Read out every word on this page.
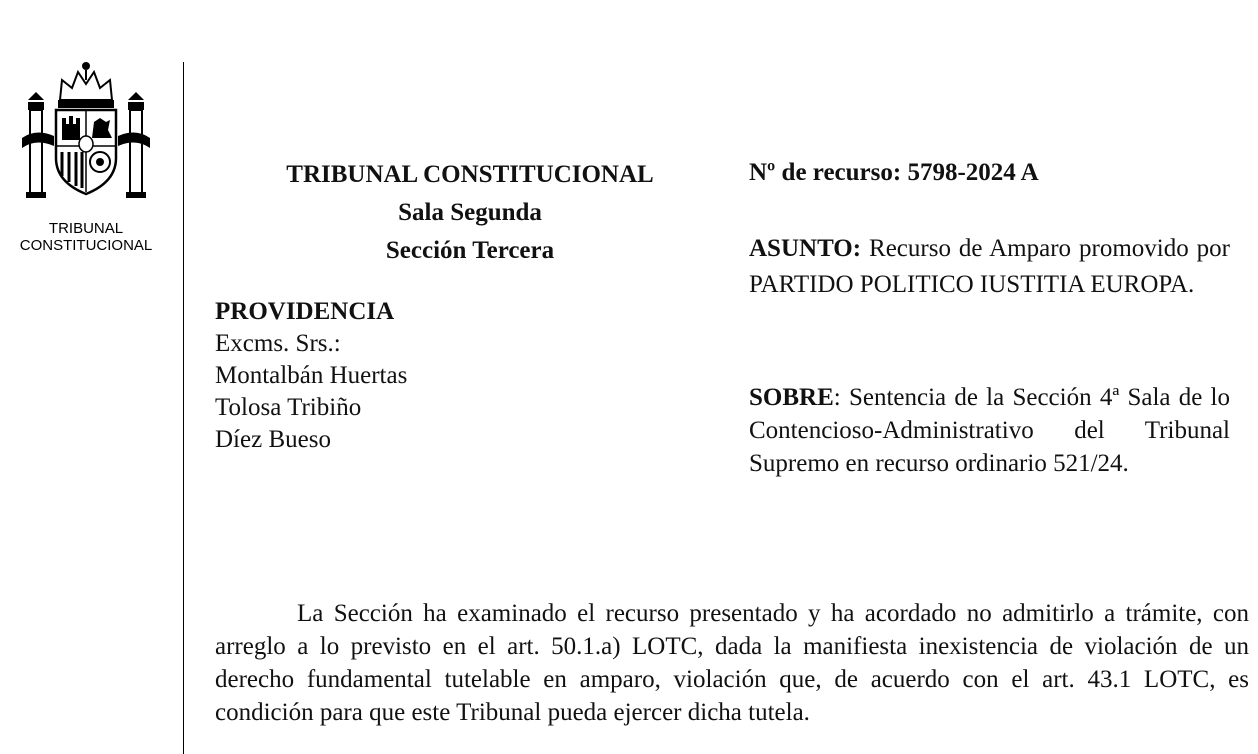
TRIBUNAL
CONSTITUCIONAL
TRIBUNAL CONSTITUCIONAL
Sala Segunda
Sección Tercera
PROVIDENCIA
Excms. Srs.:
Montalbán Huertas
Tolosa Tribiño
Díez Bueso
Nº de recurso: 5798-2024 A
ASUNTO: Recurso de Amparo promovido por PARTIDO POLITICO IUSTITIA EUROPA.
SOBRE: Sentencia de la Sección 4ª Sala de lo Contencioso-Administrativo del Tribunal Supremo en recurso ordinario 521/24.
La Sección ha examinado el recurso presentado y ha acordado no admitirlo a trámite, con arreglo a lo previsto en el art. 50.1.a) LOTC, dada la manifiesta inexistencia de violación de un derecho fundamental tutelable en amparo, violación que, de acuerdo con el art. 43.1 LOTC, es condición para que este Tribunal pueda ejercer dicha tutela.
